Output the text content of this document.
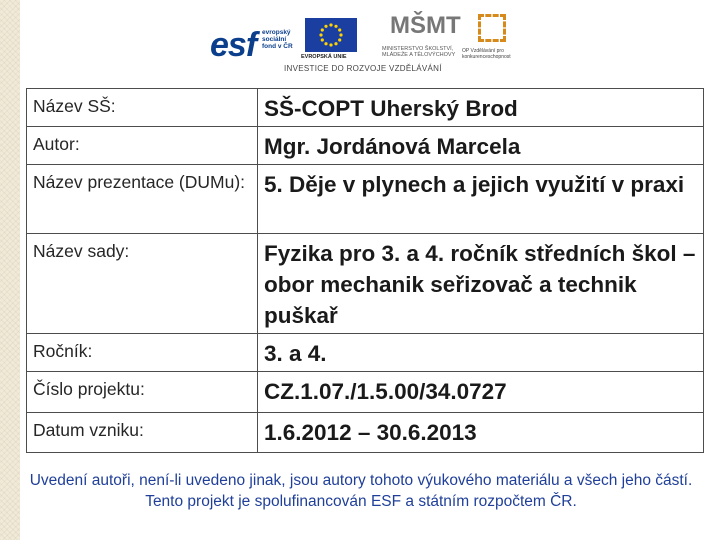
esf evropský sociální fond v ČR
EVROPSKÁ UNIE
MŠMT
MINISTERSTVO ŠKOLSTVÍ, MLÁDEŽE A TĚLOVÝCHOVY
OP Vzdělávání pro konkurenceschopnost
INVESTICE DO ROZVOJE VZDĚLÁVÁNÍ
Název SŠ:	SŠ-COPT Uherský Brod
Autor:	Mgr. Jordánová Marcela
Název prezentace (DUMu):	5. Děje v plynech a jejich využití v praxi
Název sady:	Fyzika pro 3. a 4. ročník středních škol – obor mechanik seřizovač a technik puškař
Ročník:	3. a 4.
Číslo projektu:	CZ.1.07./1.5.00/34.0727
Datum vzniku:	1.6.2012 – 30.6.2013
Uvedení autoři, není-li uvedeno jinak, jsou autory tohoto výukového materiálu a všech jeho částí. Tento projekt je spolufinancován ESF a státním rozpočtem ČR.
